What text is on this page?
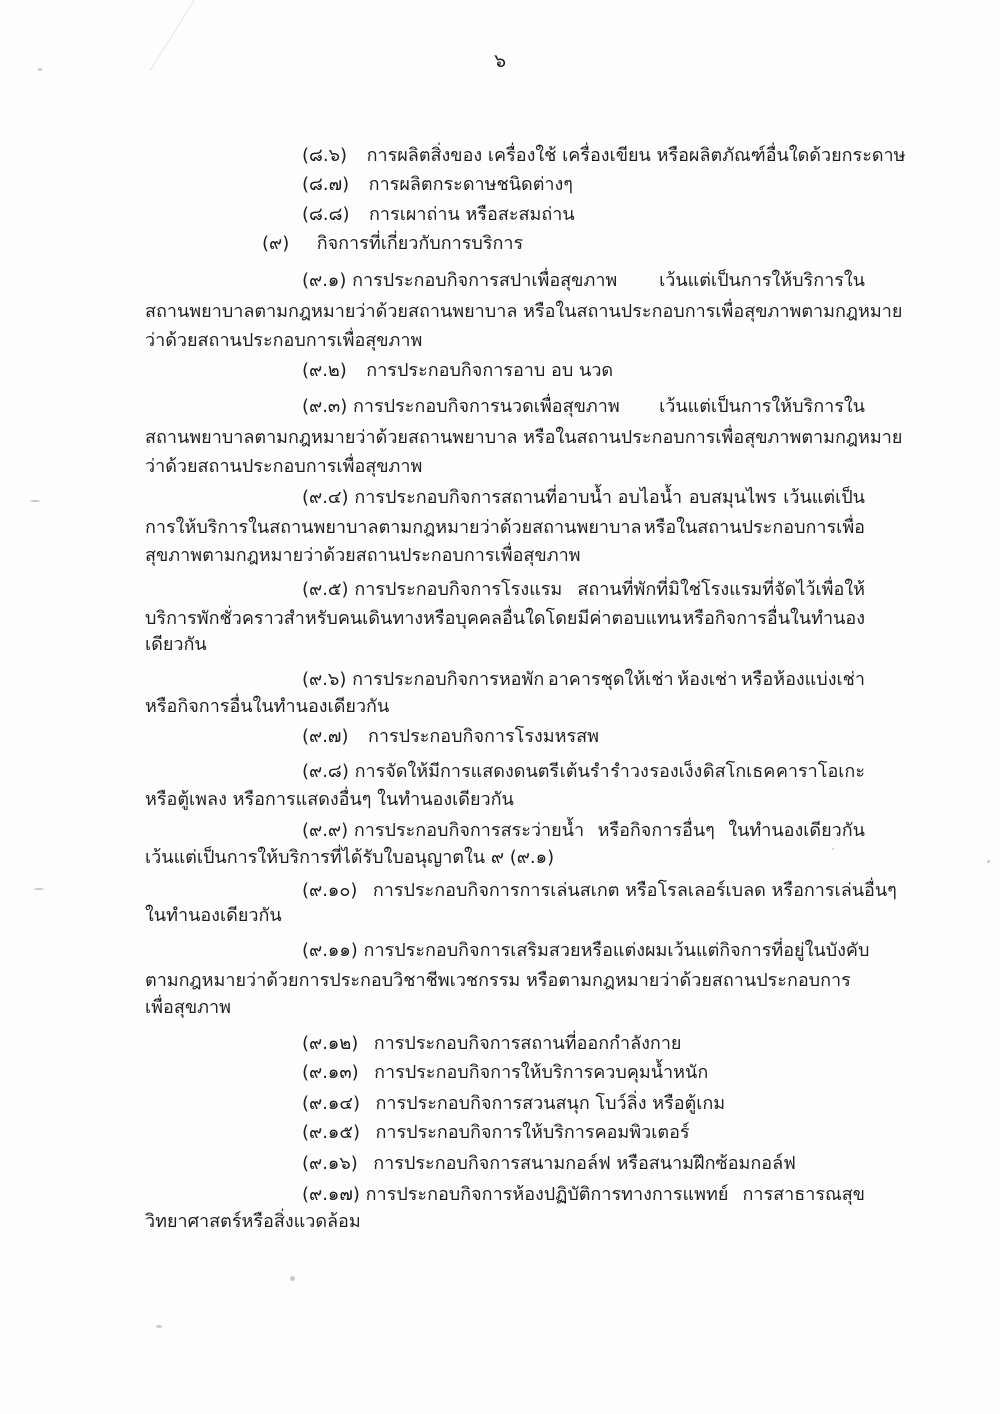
๖
(๘.๖) การผลิตสิ่งของ เครื่องใช้ เครื่องเขียน หรือผลิตภัณฑ์อื่นใดด้วยกระดาษ
(๘.๗) การผลิตกระดาษชนิดต่างๆ
(๘.๘) การเผาถ่าน หรือสะสมถ่าน
(๙) กิจการที่เกี่ยวกับการบริการ
(๙.๑) การประกอบกิจการสปาเพื่อสุขภาพ เว้นแต่เป็นการให้บริการใน
สถานพยาบาลตามกฎหมายว่าด้วยสถานพยาบาล หรือในสถานประกอบการเพื่อสุขภาพตามกฎหมาย
ว่าด้วยสถานประกอบการเพื่อสุขภาพ
(๙.๒) การประกอบกิจการอาบ อบ นวด
(๙.๓) การประกอบกิจการนวดเพื่อสุขภาพ เว้นแต่เป็นการให้บริการใน
สถานพยาบาลตามกฎหมายว่าด้วยสถานพยาบาล หรือในสถานประกอบการเพื่อสุขภาพตามกฎหมาย
ว่าด้วยสถานประกอบการเพื่อสุขภาพ
(๙.๔) การประกอบกิจการสถานที่อาบน้ำ อบไอน้ำ อบสมุนไพร เว้นแต่เป็น
การให้บริการในสถานพยาบาลตามกฎหมายว่าด้วยสถานพยาบาล หรือในสถานประกอบการเพื่อ
สุขภาพตามกฎหมายว่าด้วยสถานประกอบการเพื่อสุขภาพ
(๙.๕) การประกอบกิจการโรงแรม สถานที่พักที่มิใช่โรงแรมที่จัดไว้เพื่อให้
บริการพักชั่วคราวสำหรับคนเดินทางหรือบุคคลอื่นใดโดยมีค่าตอบแทน หรือกิจการอื่นในทำนอง
เดียวกัน
(๙.๖) การประกอบกิจการหอพัก อาคารชุดให้เช่า ห้องเช่า หรือห้องแบ่งเช่า
หรือกิจการอื่นในทำนองเดียวกัน
(๙.๗) การประกอบกิจการโรงมหรสพ
(๙.๘) การจัดให้มีการแสดงดนตรี เต้นรำ รำวง รองเง็ง ดิสโกเธค คาราโอเกะ
หรือตู้เพลง หรือการแสดงอื่นๆ ในทำนองเดียวกัน
(๙.๙) การประกอบกิจการสระว่ายน้ำ หรือกิจการอื่นๆ ในทำนองเดียวกัน
เว้นแต่เป็นการให้บริการที่ได้รับใบอนุญาตใน ๙ (๙.๑)
(๙.๑๐) การประกอบกิจการการเล่นสเกต หรือโรลเลอร์เบลด หรือการเล่นอื่นๆ
ในทำนองเดียวกัน
(๙.๑๑) การประกอบกิจการเสริมสวย หรือแต่งผม เว้นแต่กิจการที่อยู่ในบังคับ
ตามกฎหมายว่าด้วยการประกอบวิชาชีพเวชกรรม หรือตามกฎหมายว่าด้วยสถานประกอบการ
เพื่อสุขภาพ
(๙.๑๒) การประกอบกิจการสถานที่ออกกำลังกาย
(๙.๑๓) การประกอบกิจการให้บริการควบคุมน้ำหนัก
(๙.๑๔) การประกอบกิจการสวนสนุก โบว์ลิ่ง หรือตู้เกม
(๙.๑๕) การประกอบกิจการให้บริการคอมพิวเตอร์
(๙.๑๖) การประกอบกิจการสนามกอล์ฟ หรือสนามฝึกซ้อมกอล์ฟ
(๙.๑๗) การประกอบกิจการห้องปฏิบัติการทางการแพทย์ การสาธารณสุข
วิทยาศาสตร์หรือสิ่งแวดล้อม
